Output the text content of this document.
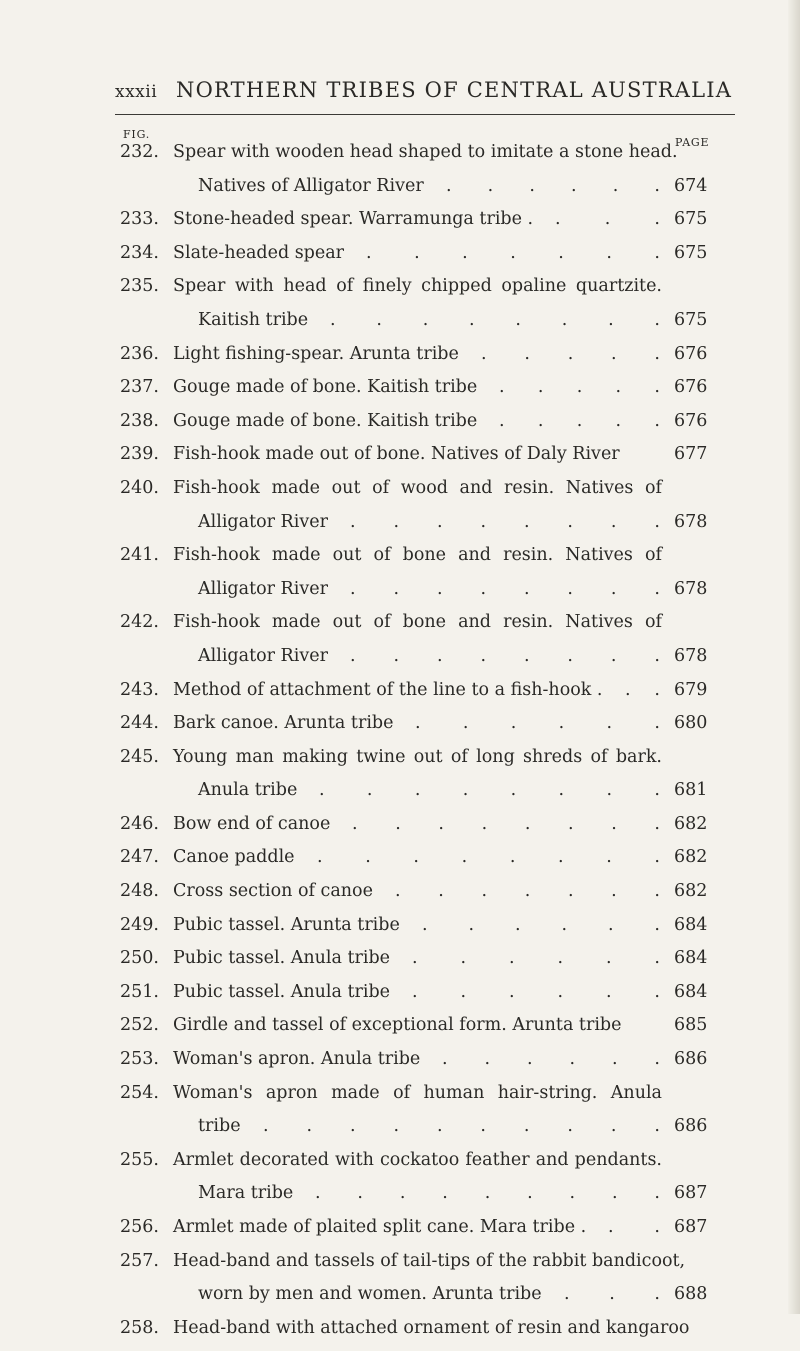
xxxii NORTHERN TRIBES OF CENTRAL AUSTRALIA
FIG.
PAGE
232. Spear with wooden head shaped to imitate a stone head.
Natives of Alligator River . . . . . . 674
233. Stone-headed spear. Warramunga tribe . .	.	. 675
234. Slate-headed spear . . . . . . . 675
235. Spear with head of finely chipped opaline quartzite.
Kaitish tribe . . . . . . . . 675
236. Light fishing-spear. Arunta tribe . . . . . 676
237. Gouge made of bone. Kaitish tribe . . . . . 676
238. Gouge made of bone. Kaitish tribe . . . . . 676
239. Fish-hook made out of bone. Natives of Daly River	677
240. Fish-hook made out of wood and resin. Natives of
Alligator River . . . . . . . . 678
241. Fish-hook made out of bone and resin. Natives of
Alligator River . . . . . . . . 678
242. Fish-hook made out of bone and resin. Natives of
Alligator River . . . . . . . . 678
243. Method of attachment of the line to a fish-hook . . . 679
244. Bark canoe. Arunta tribe . . . . . . 680
245. Young man making twine out of long shreds of bark.
Anula tribe . . . . . . . . 681
246. Bow end of canoe . . . . . . . . 682
247. Canoe paddle . . . . . . . . 682
248. Cross section of canoe . . . . . . . 682
249. Pubic tassel. Arunta tribe . . . . . . 684
250. Pubic tassel. Anula tribe . . . . . . 684
251. Pubic tassel. Anula tribe . . . . . . 684
252. Girdle and tassel of exceptional form. Arunta tribe	685
253. Woman's apron. Anula tribe . . . . . . 686
254. Woman's apron made of human hair-string. Anula
tribe . . . . . . . . . . 686
255. Armlet decorated with cockatoo feather and pendants.
Mara tribe . . . . . . . . . 687
256. Armlet made of plaited split cane. Mara tribe . . . 687
257. Head-band and tassels of tail-tips of the rabbit bandicoot,
worn by men and women. Arunta tribe . . . 688
258. Head-band with attached ornament of resin and kangaroo
